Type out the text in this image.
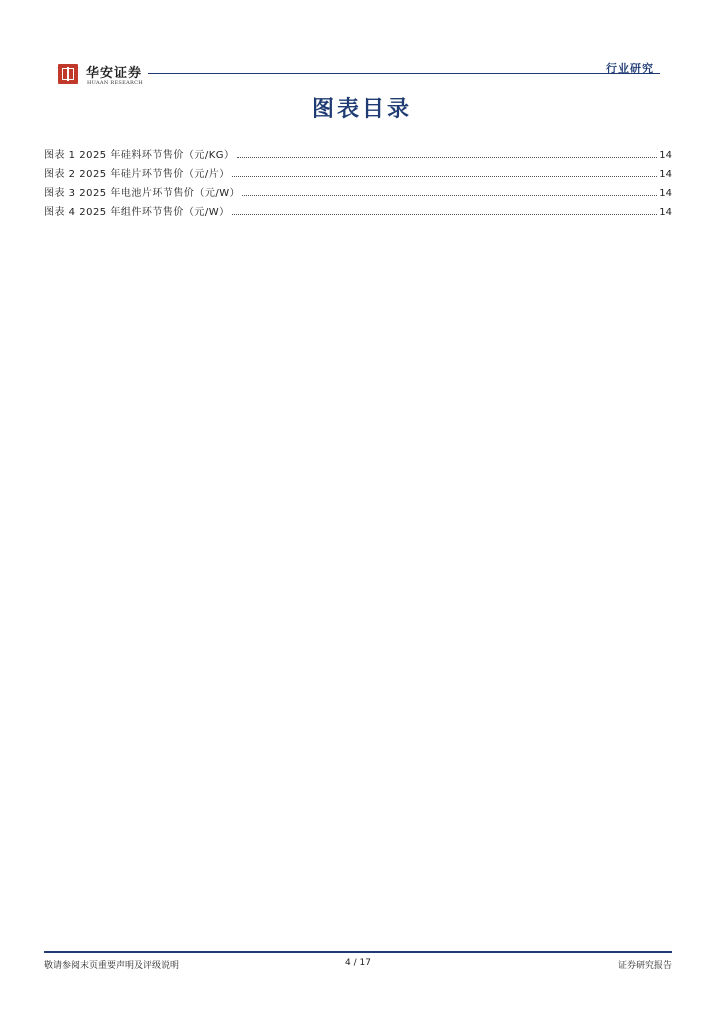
华安证券
HUAAN RESEARCH
行业研究
图表目录
图表 1 2025 年硅料环节售价（元/KG）	14
图表 2 2025 年硅片环节售价（元/片）	14
图表 3 2025 年电池片环节售价（元/W）	14
图表 4 2025 年组件环节售价（元/W）	14
敬请参阅末页重要声明及评级说明	4 / 17	证券研究报告
